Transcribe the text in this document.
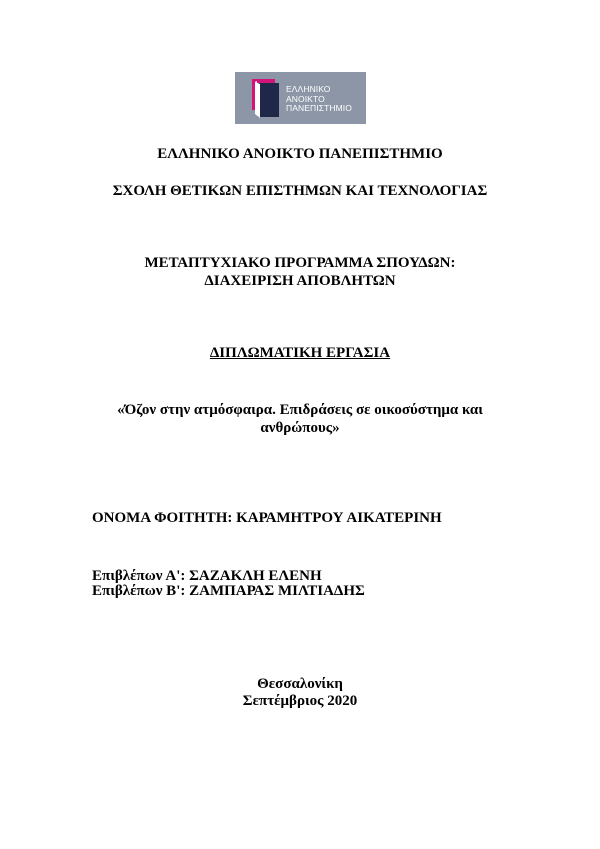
ΕΛΛΗΝΙΚΟ
ΑΝΟΙΚΤΟ
ΠΑΝΕΠΙΣΤΗΜΙΟ
ΕΛΛΗΝΙΚΟ ΑΝΟΙΚΤΟ ΠΑΝΕΠΙΣΤΗΜΙΟ
ΣΧΟΛΗ ΘΕΤΙΚΩΝ ΕΠΙΣΤΗΜΩΝ ΚΑΙ ΤΕΧΝΟΛΟΓΙΑΣ
ΜΕΤΑΠΤΥΧΙΑΚΟ ΠΡΟΓΡΑΜΜΑ ΣΠΟΥΔΩΝ:
ΔΙΑΧΕΙΡΙΣΗ ΑΠΟΒΛΗΤΩΝ
ΔΙΠΛΩΜΑΤΙΚΗ ΕΡΓΑΣΙΑ
«Όζον στην ατμόσφαιρα. Επιδράσεις σε οικοσύστημα και
ανθρώπους»
ΟΝΟΜΑ ΦΟΙΤΗΤΗ: ΚΑΡΑΜΗΤΡΟΥ ΑΙΚΑΤΕΡΙΝΗ
Επιβλέπων Α': ΣΑΖΑΚΛΗ ΕΛΕΝΗ
Επιβλέπων Β': ΖΑΜΠΑΡΑΣ ΜΙΛΤΙΑΔΗΣ
Θεσσαλονίκη
Σεπτέμβριος 2020
